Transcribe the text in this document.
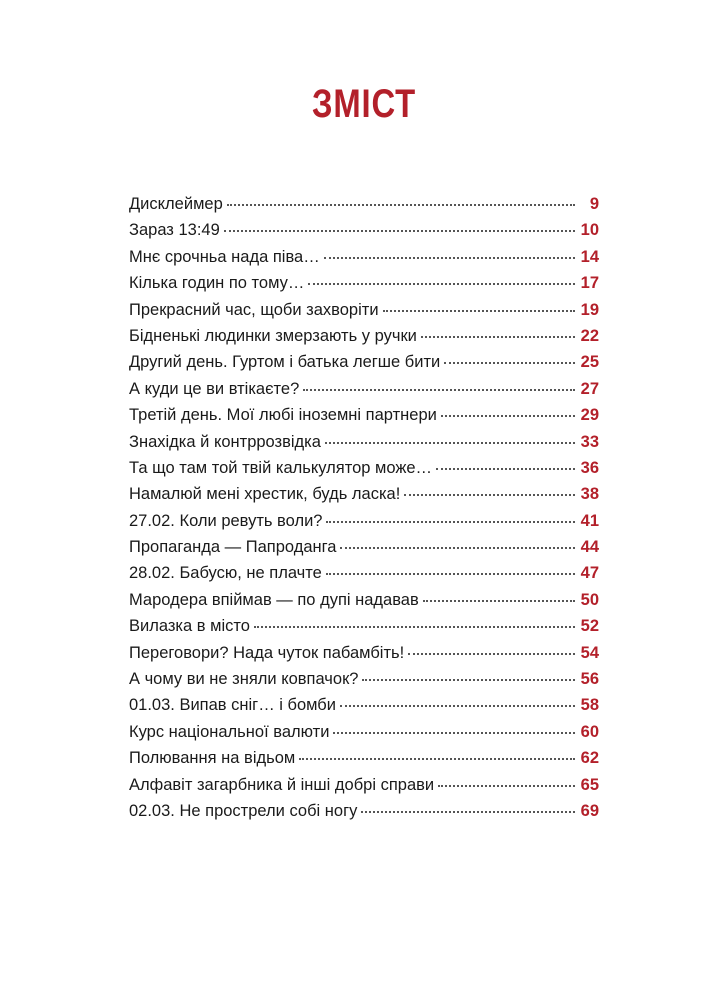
ЗМІСТ
Дисклеймер	9
Зараз 13:49	10
Мнє срочньа нада піва…	14
Кілька годин по тому…	17
Прекрасний час, щоби захворіти	19
Бідненькі людинки змерзають у ручки	22
Другий день. Гуртом і батька легше бити	25
А куди це ви втікаєте?	27
Третій день. Мої любі іноземні партнери	29
Знахідка й контррозвідка	33
Та що там той твій калькулятор може…	36
Намалюй мені хрестик, будь ласка!	38
27.02. Коли ревуть воли?	41
Пропаганда — Папроданга	44
28.02. Бабусю, не плачте	47
Мародера впіймав — по дупі надавав	50
Вилазка в місто	52
Переговори? Нада чуток пабамбіть!	54
А чому ви не зняли ковпачок?	56
01.03. Випав сніг… і бомби	58
Курс національної валюти	60
Полювання на відьом	62
Алфавіт загарбника й інші добрі справи	65
02.03. Не прострели собі ногу	69
